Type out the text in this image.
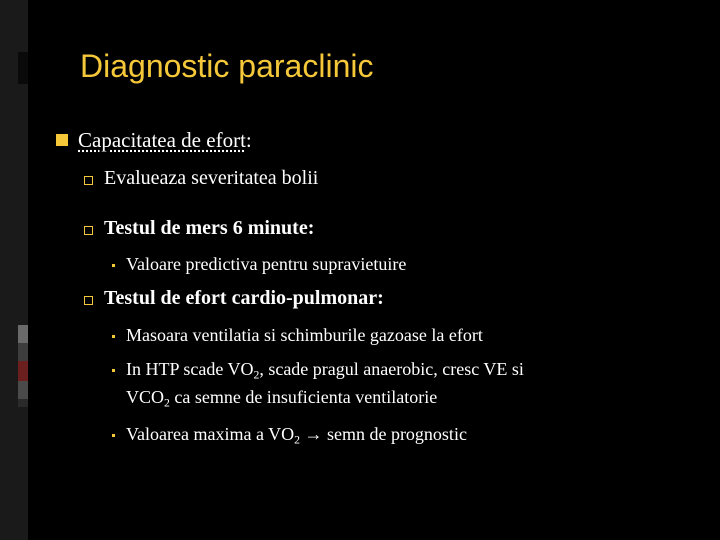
Diagnostic paraclinic
Capacitatea de efort:
Evalueaza severitatea bolii
Testul de mers 6 minute:
Valoare predictiva pentru supravietuire
Testul de efort cardio-pulmonar:
Masoara ventilatia si schimburile gazoase la efort
In HTP scade $VO_2$, scade pragul anaerobic, cresc VE si
$VCO_2$ ca semne de insuficienta ventilatorie
Valoarea maxima a $VO_2$ → semn de prognostic
